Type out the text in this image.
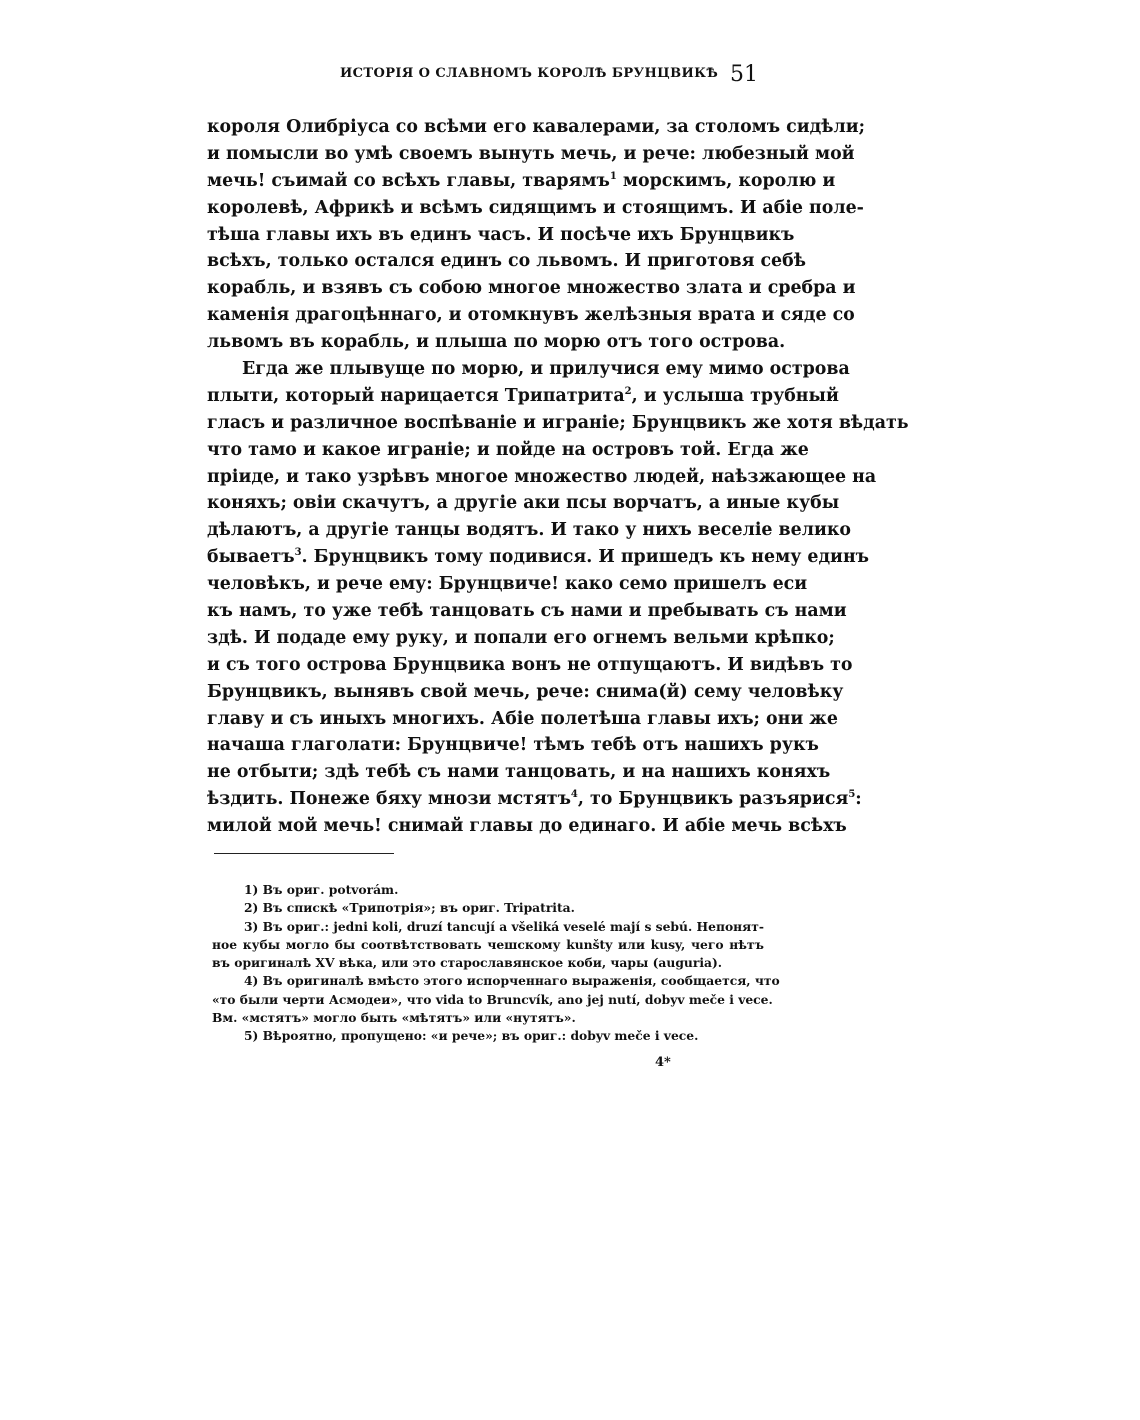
ИСТОРІЯ О СЛАВНОМЪ КОРОЛѢ БРУНЦВИКѢ 51
короля Олибріуса со всѣми его кавалерами, за столомъ сидѣли;
и помысли во умѣ своемъ вынуть мечь, и рече: любезный мой
мечь! съимай со всѣхъ главы, тварямъ$^1$ морскимъ, королю и
королевѣ, Африкѣ и всѣмъ сидящимъ и стоящимъ. И абіе поле-
тѣша главы ихъ въ единъ часъ. И посѣче ихъ Брунцвикъ
всѣхъ, только остался единъ со львомъ. И приготовя себѣ
корабль, и взявъ съ собою многое множество злата и сребра и
каменія драгоцѣннаго, и отомкнувъ желѣзныя врата и сяде со
львомъ въ корабль, и плыша по морю отъ того острова.
Егда же плывуще по морю, и прилучися ему мимо острова
плыти, который нарицается Трипатрита$^2$, и услыша трубный
гласъ и различное воспѣваніе и играніе; Брунцвикъ же хотя вѣдать
что тамо и какое играніе; и пойде на островъ той. Егда же
пріиде, и тако узрѣвъ многое множество людей, наѣзжающее на
коняхъ; овіи скачутъ, а другіе аки псы ворчатъ, а иные кубы
дѣлаютъ, а другіе танцы водятъ. И тако у нихъ веселіе велико
бываетъ$^3$. Брунцвикъ тому подивися. И пришедъ къ нему единъ
человѣкъ, и рече ему: Брунцвиче! како семо пришелъ еси
къ намъ, то уже тебѣ танцовать съ нами и пребывать съ нами
здѣ. И подаде ему руку, и попали его огнемъ вельми крѣпко;
и съ того острова Брунцвика вонъ не отпущаютъ. И видѣвъ то
Брунцвикъ, вынявъ свой мечь, рече: снима(й) сему человѣку
главу и съ иныхъ многихъ. Абіе полетѣша главы ихъ; они же
начаша глаголати: Брунцвиче! тѣмъ тебѣ отъ нашихъ рукъ
не отбыти; здѣ тебѣ съ нами танцовать, и на нашихъ коняхъ
ѣздить. Понеже бяху мнози мстятъ$^4$, то Брунцвикъ разъярися$^5$:
милой мой мечь! снимай главы до единаго. И абіе мечь всѣхъ
1) Въ ориг. potvorám.
2) Въ спискѣ «Трипотрія»; въ ориг. Tripatrita.
3) Въ ориг.: jedni koli, druzí tancují a všeliká veselé mají s sebú. Непонят-
ное кубы могло бы соотвѣтствовать чешскому kunšty или kusy, чего нѣтъ
въ оригиналѣ XV вѣка, или это старославянское коби, чары (auguria).
4) Въ оригиналѣ вмѣсто этого испорченнаго выраженія, сообщается, что
«то были черти Асмодеи», что vida to Bruncvík, ano jej nutí, dobyv meče i vece.
Вм. «мстятъ» могло быть «мѣтятъ» или «нутятъ».
5) Вѣроятно, пропущено: «и рече»; въ ориг.: dobyv meče i vece.
4*
